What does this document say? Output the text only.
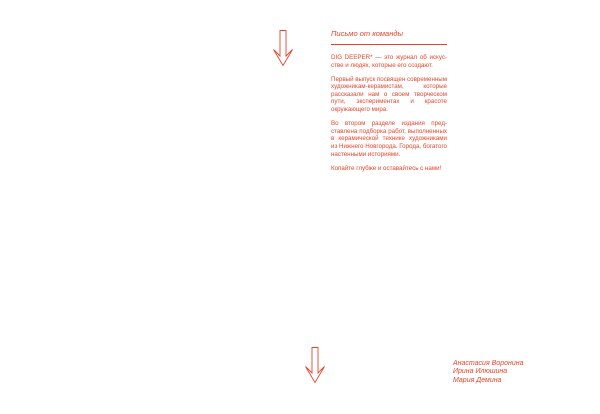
Письмо от команды

DIG DEEPER* — это журнал об искусстве и людях, которые его создают.

Первый выпуск посвящен современным художникам-керамистам, которые рассказали нам о своем творческом пути, экспериментах и красоте окружающего мира.

Во втором разделе издания представлена подборка работ, выполненных в керамической технике художниками из Нижнего Новгорода. Города, богатого настенными историями.

Копайте глубже и оставайтесь с нами!

Анастасия Воронина
Ирина Илюшина
Мария Демина
